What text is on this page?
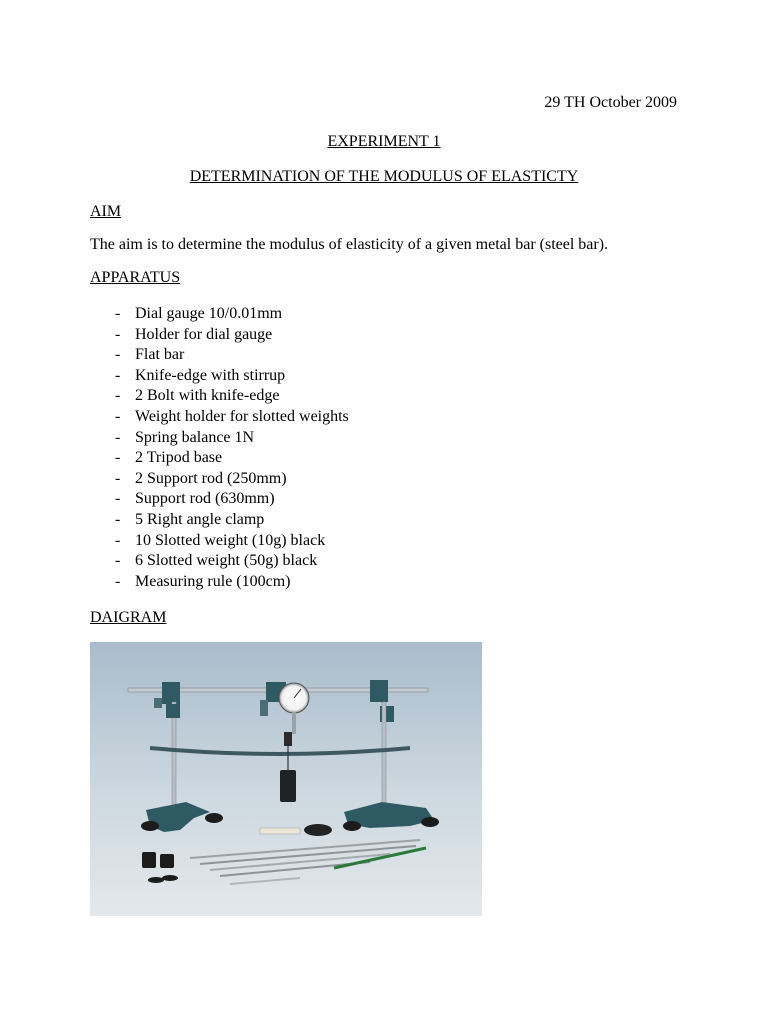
29 TH October 2009
EXPERIMENT 1
DETERMINATION OF THE MODULUS OF ELASTICTY
AIM
The aim is to determine the modulus of elasticity of a given metal bar (steel bar).
APPARATUS
- Dial gauge 10/0.01mm
- Holder for dial gauge
- Flat bar
- Knife-edge with stirrup
- 2 Bolt with knife-edge
- Weight holder for slotted weights
- Spring balance 1N
- 2 Tripod base
- 2 Support rod (250mm)
- Support rod (630mm)
- 5 Right angle clamp
- 10 Slotted weight (10g) black
- 6 Slotted weight (50g) black
- Measuring rule (100cm)
DAIGRAM
